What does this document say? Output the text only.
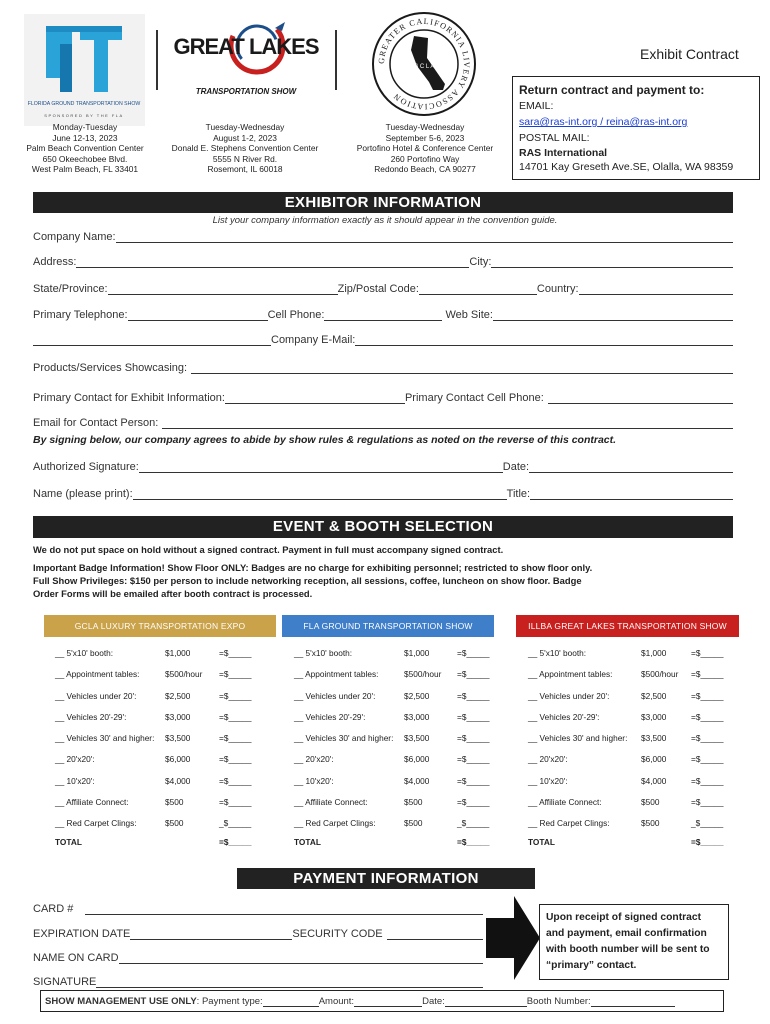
FLORIDA GROUND TRANSPORTATION SHOW
SPONSORED BY THE FLA
Monday-Tuesday
June 12-13, 2023
Palm Beach Convention Center
650 Okeechobee Blvd.
West Palm Beach, FL 33401
GREAT LAKES
TRANSPORTATION SHOW
Tuesday-Wednesday
August 1-2, 2023
Donald E. Stephens Convention Center
5555 N River Rd.
Rosemont, IL 60018
G C L A
GREATER CALIFORNIA LIVERY ASSOCIATION
Tuesday-Wednesday
September 5-6, 2023
Portofino Hotel & Conference Center
260 Portofino Way
Redondo Beach, CA 90277
Exhibit Contract
Return contract and payment to:
EMAIL:
sara@ras-int.org / reina@ras-int.org
POSTAL MAIL:
RAS International
14701 Kay Greseth Ave.SE, Olalla, WA 98359
EXHIBITOR INFORMATION
List your company information exactly as it should appear in the convention guide.
Company Name:
Address:	City:
State/Province:	Zip/Postal Code:	Country:
Primary Telephone:	Cell Phone:	Web Site:
Company E-Mail:
Products/Services Showcasing:
Primary Contact for Exhibit Information:	Primary Contact Cell Phone:
Email for Contact Person:
By signing below, our company agrees to abide by show rules & regulations as noted on the reverse of this contract.
Authorized Signature:	Date:
Name (please print):	Title:
EVENT & BOOTH SELECTION
We do not put space on hold without a signed contract. Payment in full must accompany signed contract.
Important Badge Information! Show Floor ONLY: Badges are no charge for exhibiting personnel; restricted to show floor only.
Full Show Privileges: $150 per person to include networking reception, all sessions, coffee, luncheon on show floor. Badge
Order Forms will be emailed after booth contract is processed.
GCLA LUXURY TRANSPORTATION EXPO	FLA GROUND TRANSPORTATION SHOW	ILLBA GREAT LAKES TRANSPORTATION SHOW
__ 5'x10' booth:	$1,000	=$_____
__ Appointment tables:	$500/hour =$_____
__ Vehicles under 20':	$2,500	=$_____
__ Vehicles 20'-29':	$3,000	=$_____
__ Vehicles 30' and higher: $3,500	=$_____
__ 20'x20':	$6,000	=$_____
__ 10'x20':	$4,000	=$_____
__ Affiliate Connect:	$500	=$_____
__ Red Carpet Clings:	$500	_$_____
TOTAL	=$_____
__ 5'x10' booth:	$1,000	=$_____
__ Appointment tables:	$500/hour =$_____
__ Vehicles under 20':	$2,500	=$_____
__ Vehicles 20'-29':	$3,000	=$_____
__ Vehicles 30' and higher: $3,500	=$_____
__ 20'x20':	$6,000	=$_____
__ 10'x20':	$4,000	=$_____
__ Affiliate Connect:	$500	=$_____
__ Red Carpet Clings:	$500	_$_____
TOTAL	=$_____
__ 5'x10' booth:	$1,000	=$_____
__ Appointment tables:	$500/hour =$_____
__ Vehicles under 20':	$2,500	=$_____
__ Vehicles 20'-29':	$3,000	=$_____
__ Vehicles 30' and higher: $3,500	=$_____
__ 20'x20':	$6,000	=$_____
__ 10'x20':	$4,000	=$_____
__ Affiliate Connect:	$500	=$_____
__ Red Carpet Clings:	$500	_$_____
TOTAL	=$_____
PAYMENT INFORMATION
CARD #
EXPIRATION DATE	SECURITY CODE
NAME ON CARD
SIGNATURE
Upon receipt of signed contract and payment, email confirmation with booth number will be sent to “primary” contact.
SHOW MANAGEMENT USE ONLY : Payment type:	Amount:	Date:	Booth Number:
